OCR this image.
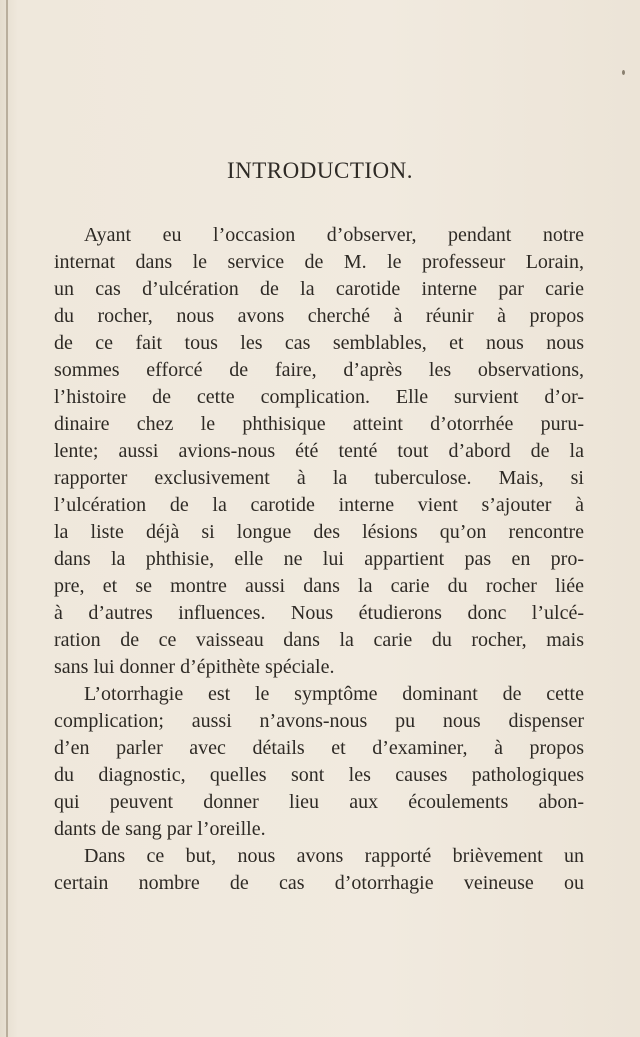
INTRODUCTION.
Ayant eu l’occasion d’observer, pendant notre
internat dans le service de M. le professeur Lorain,
un cas d’ulcération de la carotide interne par carie
du rocher, nous avons cherché à réunir à propos
de ce fait tous les cas semblables, et nous nous
sommes efforcé de faire, d’après les observations,
l’histoire de cette complication. Elle survient d’or-
dinaire chez le phthisique atteint d’otorrhée puru-
lente; aussi avions-nous été tenté tout d’abord de la
rapporter exclusivement à la tuberculose. Mais, si
l’ulcération de la carotide interne vient s’ajouter à
la liste déjà si longue des lésions qu’on rencontre
dans la phthisie, elle ne lui appartient pas en pro-
pre, et se montre aussi dans la carie du rocher liée
à d’autres influences. Nous étudierons donc l’ulcé-
ration de ce vaisseau dans la carie du rocher, mais
sans lui donner d’épithète spéciale.
L’otorrhagie est le symptôme dominant de cette
complication; aussi n’avons-nous pu nous dispenser
d’en parler avec détails et d’examiner, à propos
du diagnostic, quelles sont les causes pathologiques
qui peuvent donner lieu aux écoulements abon-
dants de sang par l’oreille.
Dans ce but, nous avons rapporté brièvement un
certain nombre de cas d’otorrhagie veineuse ou
